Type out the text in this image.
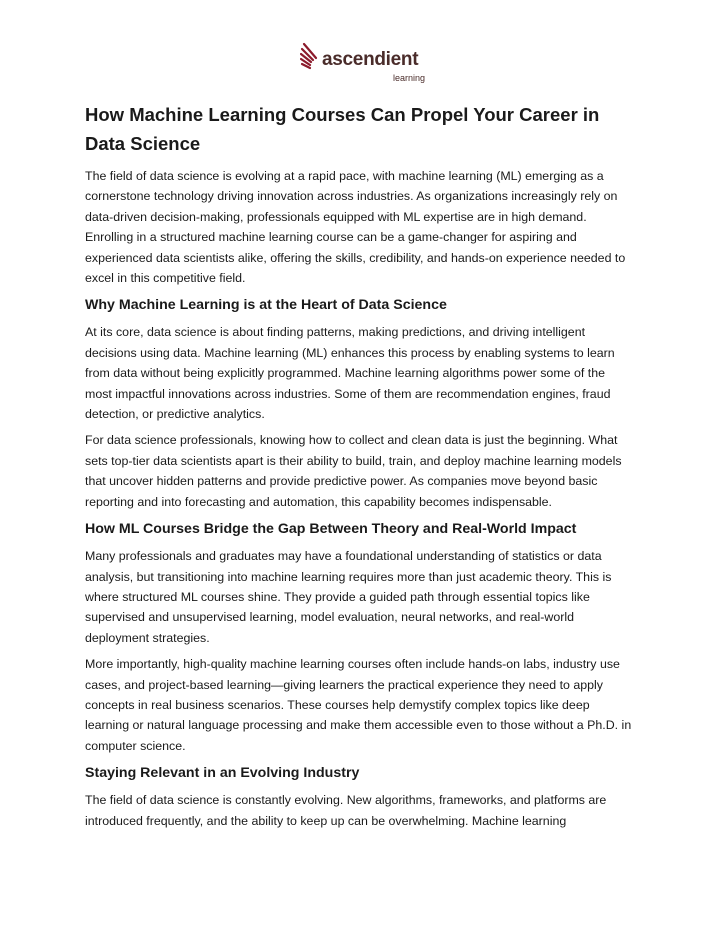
ascendient
learning
How Machine Learning Courses Can Propel Your Career in Data Science

The field of data science is evolving at a rapid pace, with machine learning (ML) emerging as a cornerstone technology driving innovation across industries. As organizations increasingly rely on data-driven decision-making, professionals equipped with ML expertise are in high demand. Enrolling in a structured machine learning course can be a game-changer for aspiring and experienced data scientists alike, offering the skills, credibility, and hands-on experience needed to excel in this competitive field.

Why Machine Learning is at the Heart of Data Science

At its core, data science is about finding patterns, making predictions, and driving intelligent decisions using data. Machine learning (ML) enhances this process by enabling systems to learn from data without being explicitly programmed. Machine learning algorithms power some of the most impactful innovations across industries. Some of them are recommendation engines, fraud detection, or predictive analytics.

For data science professionals, knowing how to collect and clean data is just the beginning. What sets top-tier data scientists apart is their ability to build, train, and deploy machine learning models that uncover hidden patterns and provide predictive power. As companies move beyond basic reporting and into forecasting and automation, this capability becomes indispensable.

How ML Courses Bridge the Gap Between Theory and Real-World Impact

Many professionals and graduates may have a foundational understanding of statistics or data analysis, but transitioning into machine learning requires more than just academic theory. This is where structured ML courses shine. They provide a guided path through essential topics like supervised and unsupervised learning, model evaluation, neural networks, and real-world deployment strategies.

More importantly, high-quality machine learning courses often include hands-on labs, industry use cases, and project-based learning—giving learners the practical experience they need to apply concepts in real business scenarios. These courses help demystify complex topics like deep learning or natural language processing and make them accessible even to those without a Ph.D. in computer science.

Staying Relevant in an Evolving Industry

The field of data science is constantly evolving. New algorithms, frameworks, and platforms are introduced frequently, and the ability to keep up can be overwhelming. Machine learning
